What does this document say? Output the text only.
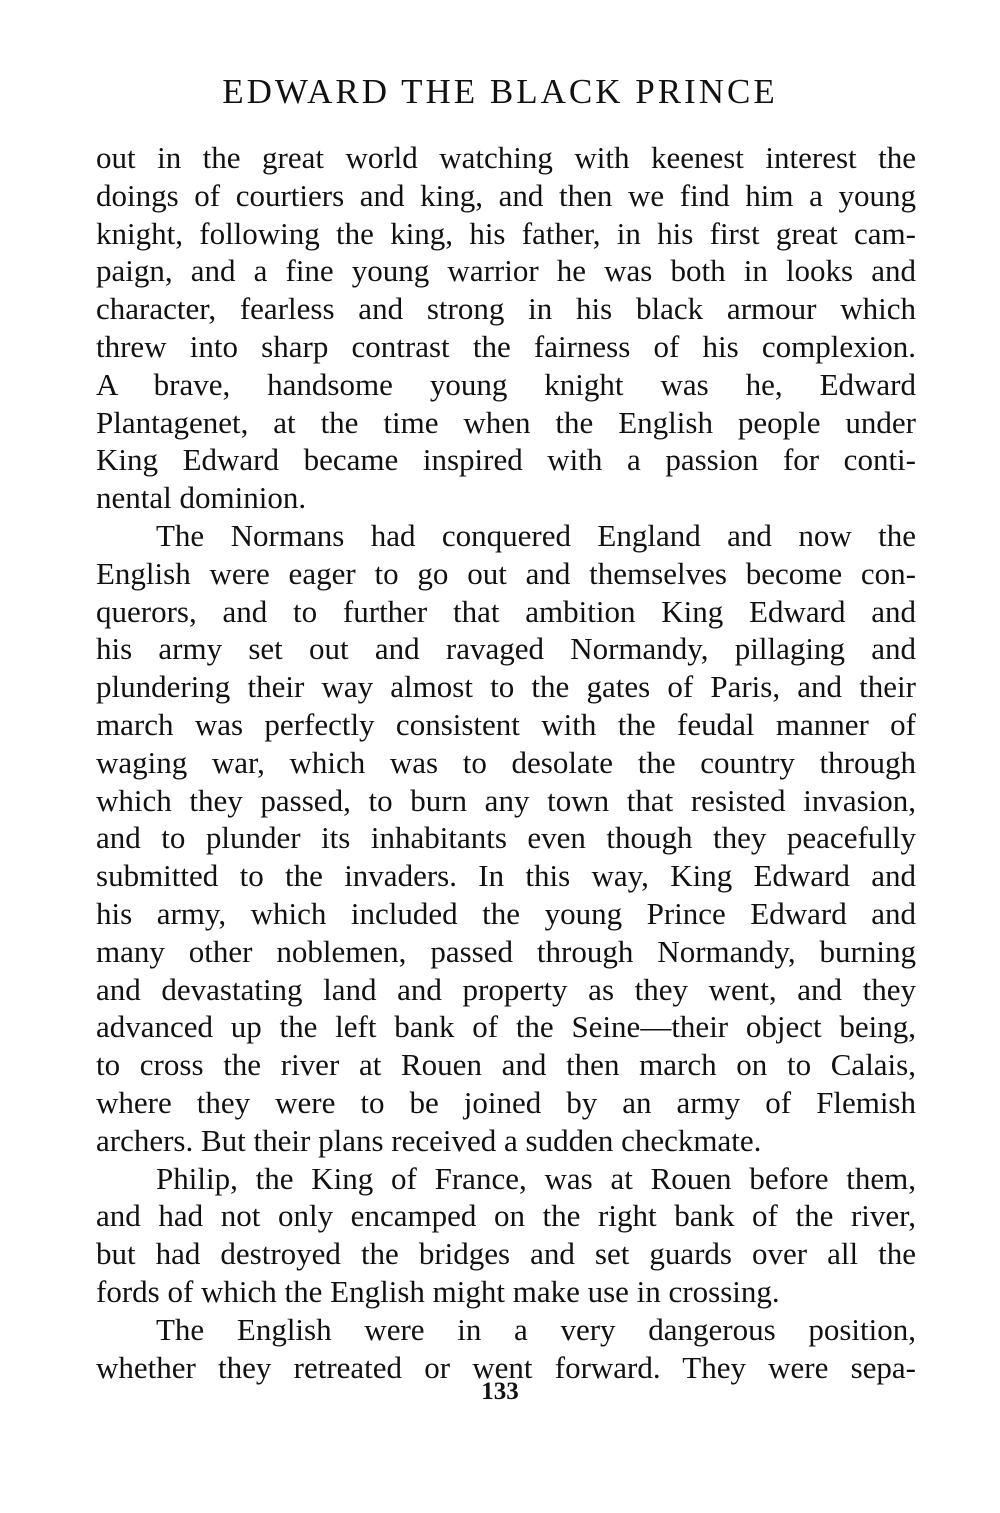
EDWARD THE BLACK PRINCE
out in the great world watching with keenest interest the
doings of courtiers and king, and then we find him a young
knight, following the king, his father, in his first great cam-
paign, and a fine young warrior he was both in looks and
character, fearless and strong in his black armour which
threw into sharp contrast the fairness of his complexion.
A brave, handsome young knight was he, Edward
Plantagenet, at the time when the English people under
King Edward became inspired with a passion for conti-
nental dominion.
The Normans had conquered England and now the
English were eager to go out and themselves become con-
querors, and to further that ambition King Edward and
his army set out and ravaged Normandy, pillaging and
plundering their way almost to the gates of Paris, and their
march was perfectly consistent with the feudal manner of
waging war, which was to desolate the country through
which they passed, to burn any town that resisted invasion,
and to plunder its inhabitants even though they peacefully
submitted to the invaders. In this way, King Edward and
his army, which included the young Prince Edward and
many other noblemen, passed through Normandy, burning
and devastating land and property as they went, and they
advanced up the left bank of the Seine—their object being,
to cross the river at Rouen and then march on to Calais,
where they were to be joined by an army of Flemish
archers. But their plans received a sudden checkmate.
Philip, the King of France, was at Rouen before them,
and had not only encamped on the right bank of the river,
but had destroyed the bridges and set guards over all the
fords of which the English might make use in crossing.
The English were in a very dangerous position,
whether they retreated or went forward. They were sepa-
133
